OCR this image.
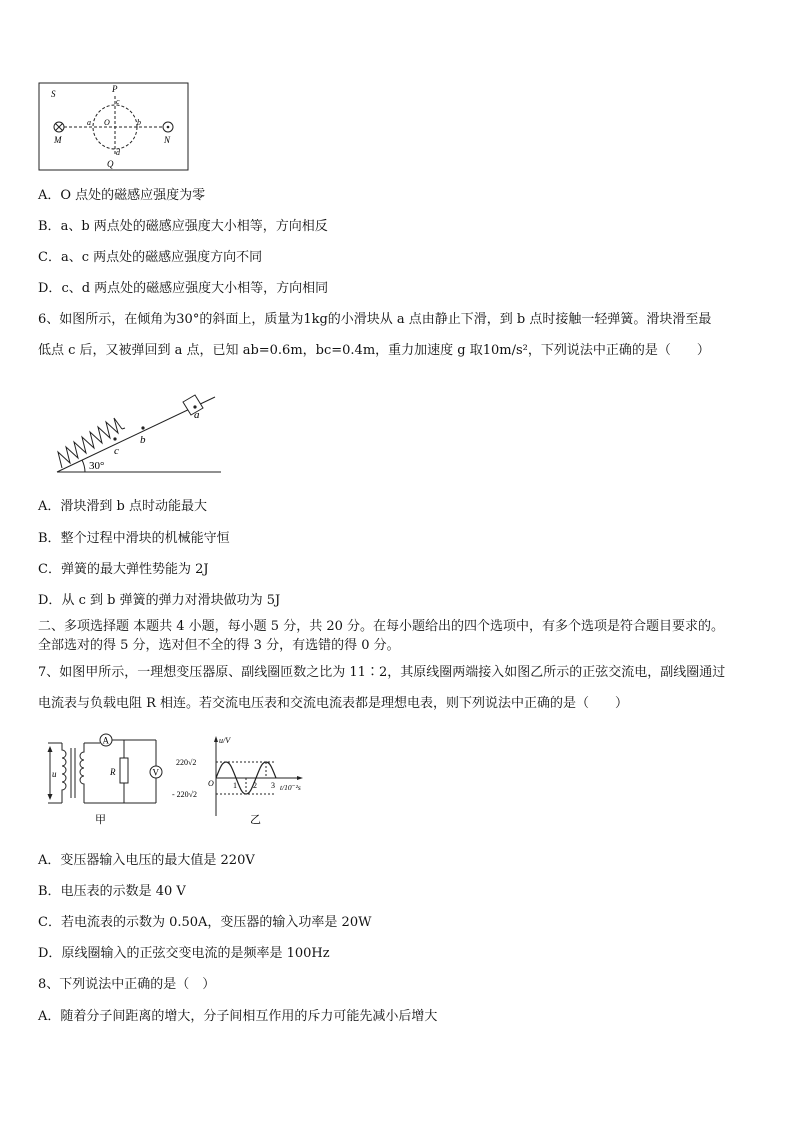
S	P
c
a O	b
d
Q
M	N
A．O 点处的磁感应强度为零
B．a、b 两点处的磁感应强度大小相等，方向相反
C．a、c 两点处的磁感应强度方向不同
D．c、d 两点处的磁感应强度大小相等，方向相同
6、如图所示，在倾角为30°的斜面上，质量为1kg的小滑块从 a 点由静止下滑，到 b 点时接触一轻弹簧。滑块滑至最
低点 c 后，又被弹回到 a 点，已知 ab=0.6m，bc=0.4m，重力加速度 g 取10m/s²，下列说法中正确的是（　　）
a
b
c
30°
A．滑块滑到 b 点时动能最大
B．整个过程中滑块的机械能守恒
C．弹簧的最大弹性势能为 2J
D．从 c 到 b 弹簧的弹力对滑块做功为 5J
二、多项选择题 本题共 4 小题，每小题 5 分，共 20 分。在每小题给出的四个选项中，有多个选项是符合题目要求的。
全部选对的得 5 分，选对但不全的得 3 分，有选错的得 0 分。
7、如图甲所示，一理想变压器原、副线圈匝数之比为 11∶2，其原线圈两端接入如图乙所示的正弦交流电，副线圈通过
电流表与负载电阻 R 相连。若交流电压表和交流电流表都是理想电表，则下列说法中正确的是（　　）
u
A
R	V
甲
u/V
220√2
- 220√2
O 1 2 3 t/10⁻²s
乙
A．变压器输入电压的最大值是 220V
B．电压表的示数是 40 V
C．若电流表的示数为 0.50A，变压器的输入功率是 20W
D．原线圈输入的正弦交变电流的是频率是 100Hz
8、下列说法中正确的是（　）
A．随着分子间距离的增大，分子间相互作用的斥力可能先减小后增大
